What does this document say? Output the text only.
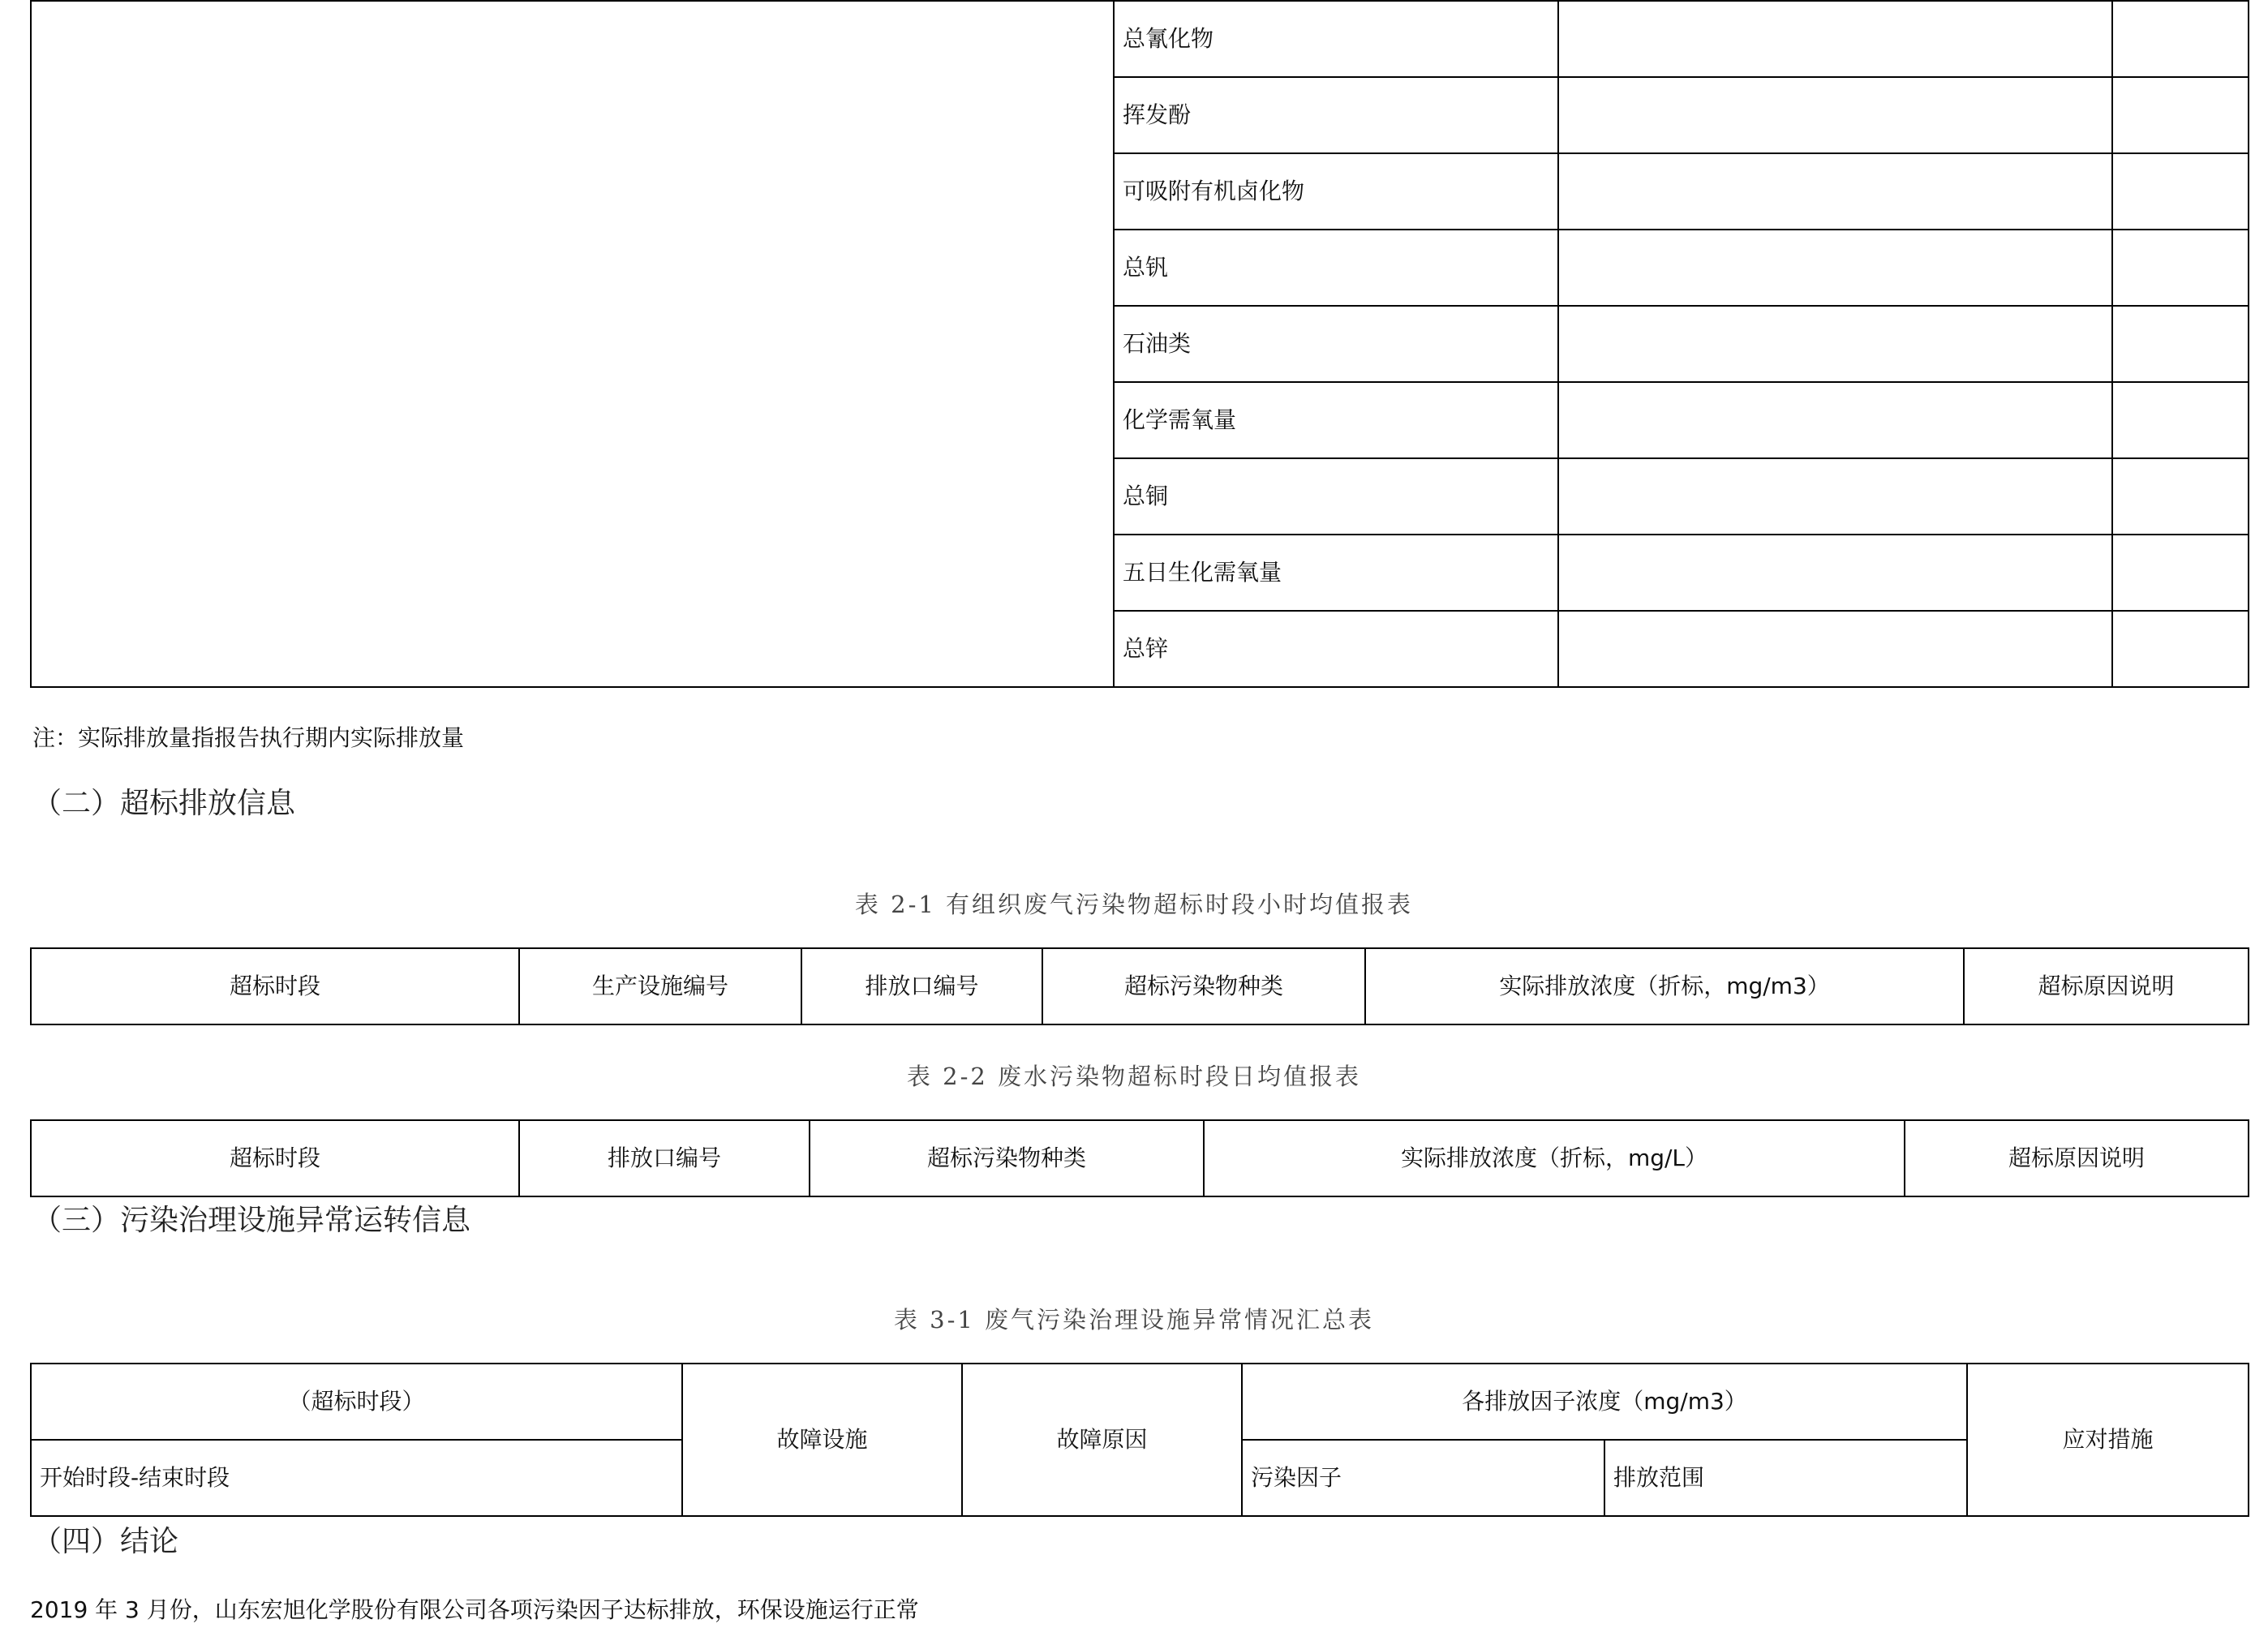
	总氰化物		
	挥发酚		
	可吸附有机卤化物		
	总钒		
	石油类		
	化学需氧量		
	总铜		
	五日生化需氧量		
	总锌		
注：实际排放量指报告执行期内实际排放量
（二）超标排放信息
表 2-1 有组织废气污染物超标时段小时均值报表
超标时段	生产设施编号	排放口编号	超标污染物种类	实际排放浓度（折标，mg/m3）	超标原因说明
表 2-2 废水污染物超标时段日均值报表
超标时段	排放口编号	超标污染物种类	实际排放浓度（折标，mg/L）	超标原因说明
（三）污染治理设施异常运转信息
表 3-1 废气污染治理设施异常情况汇总表
（超标时段）	故障设施	故障原因	各排放因子浓度（mg/m3）		应对措施
开始时段-结束时段			污染因子	排放范围	
（四）结论
2019 年 3 月份，山东宏旭化学股份有限公司各项污染因子达标排放，环保设施运行正常
